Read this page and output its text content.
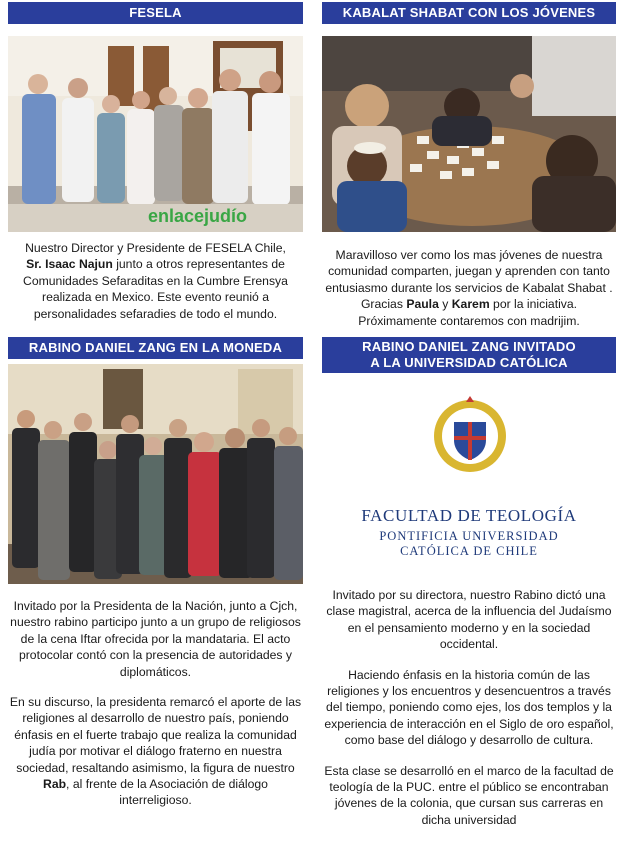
FESELA
enlacejudío
Nuestro Director y Presidente de FESELA Chile,
Sr. Isaac Najun junto a otros representantes de Comunidades Sefaraditas en la Cumbre Erensya realizada en Mexico. Este evento reunió a personalidades sefaradies de todo el mundo.
KABALAT SHABAT CON LOS JÓVENES
Maravilloso ver como los mas jóvenes de nuestra comunidad comparten, juegan y aprenden con tanto entusiasmo durante los servicios de Kabalat Shabat . Gracias Paula y Karem por la iniciativa. Próximamente contaremos con madrijim.
RABINO DANIEL ZANG EN LA MONEDA

Invitado por la Presidenta de la Nación, junto a Cjch, nuestro rabino participo junto a un grupo de religiosos de la cena Iftar ofrecida por la mandataria. El acto protocolar contó con la presencia de autoridades y diplomáticos.

En su discurso, la presidenta remarcó el aporte de las religiones al desarrollo de nuestro país, poniendo énfasis en el fuerte trabajo que realiza la comunidad judía por motivar el diálogo fraterno en nuestra sociedad, resaltando asimismo, la figura de nuestro Rab, al frente de la Asociación de diálogo interreligioso.

RABINO DANIEL ZANG INVITADO
A LA UNIVERSIDAD CATÓLICA
FACULTAD DE TEOLOGÍA
PONTIFICIA UNIVERSIDAD
CATÓLICA DE CHILE

Invitado por su directora, nuestro Rabino dictó una clase magistral, acerca de la influencia del Judaísmo en el pensamiento moderno y en la sociedad occidental.

Haciendo énfasis en la historia común de las religiones y los encuentros y desencuentros a través del tiempo, poniendo como ejes, los dos templos y la experiencia de interacción en el Siglo de oro español, como base del diálogo y desarrollo de cultura.

Esta clase se desarrolló en el marco de la facultad de teología de la PUC. entre el público se encontraban jóvenes de la colonia, que cursan sus carreras en dicha universidad
